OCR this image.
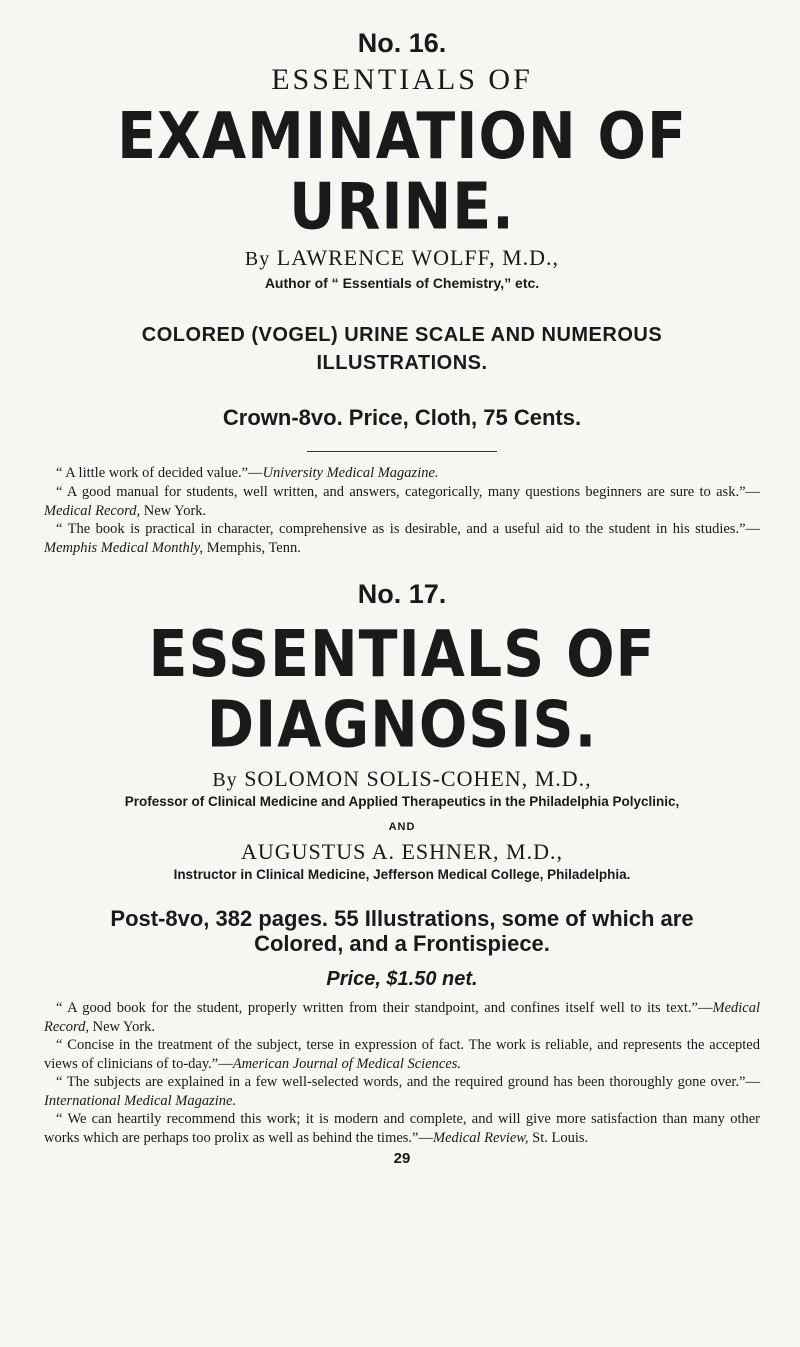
No. 16.

ESSENTIALS OF

EXAMINATION OF URINE.

By LAWRENCE WOLFF, M.D.,

Author of “ Essentials of Chemistry,” etc.

COLORED (VOGEL) URINE SCALE AND NUMEROUS
ILLUSTRATIONS.

Crown-8vo. Price, Cloth, 75 Cents.

“ A little work of decided value.”—University Medical Magazine.

“ A good manual for students, well written, and answers, categorically, many questions beginners are sure to ask.”—Medical Record, New York.

“ The book is practical in character, comprehensive as is desirable, and a useful aid to the student in his studies.”—Memphis Medical Monthly, Memphis, Tenn.

No. 17.

ESSENTIALS OF DIAGNOSIS.

By SOLOMON SOLIS-COHEN, M.D.,

Professor of Clinical Medicine and Applied Therapeutics in the Philadelphia Polyclinic,

AND

AUGUSTUS A. ESHNER, M.D.,

Instructor in Clinical Medicine, Jefferson Medical College, Philadelphia.

Post-8vo, 382 pages. 55 Illustrations, some of which are
Colored, and a Frontispiece.

Price, $1.50 net.

“ A good book for the student, properly written from their standpoint, and confines itself well to its text.”—Medical Record, New York.

“ Concise in the treatment of the subject, terse in expression of fact. The work is reliable, and represents the accepted views of clinicians of to-day.”—American Journal of Medical Sciences.

“ The subjects are explained in a few well-selected words, and the required ground has been thoroughly gone over.”—International Medical Magazine.

“ We can heartily recommend this work; it is modern and complete, and will give more satisfaction than many other works which are perhaps too prolix as well as behind the times.”—Medical Review, St. Louis.

29
